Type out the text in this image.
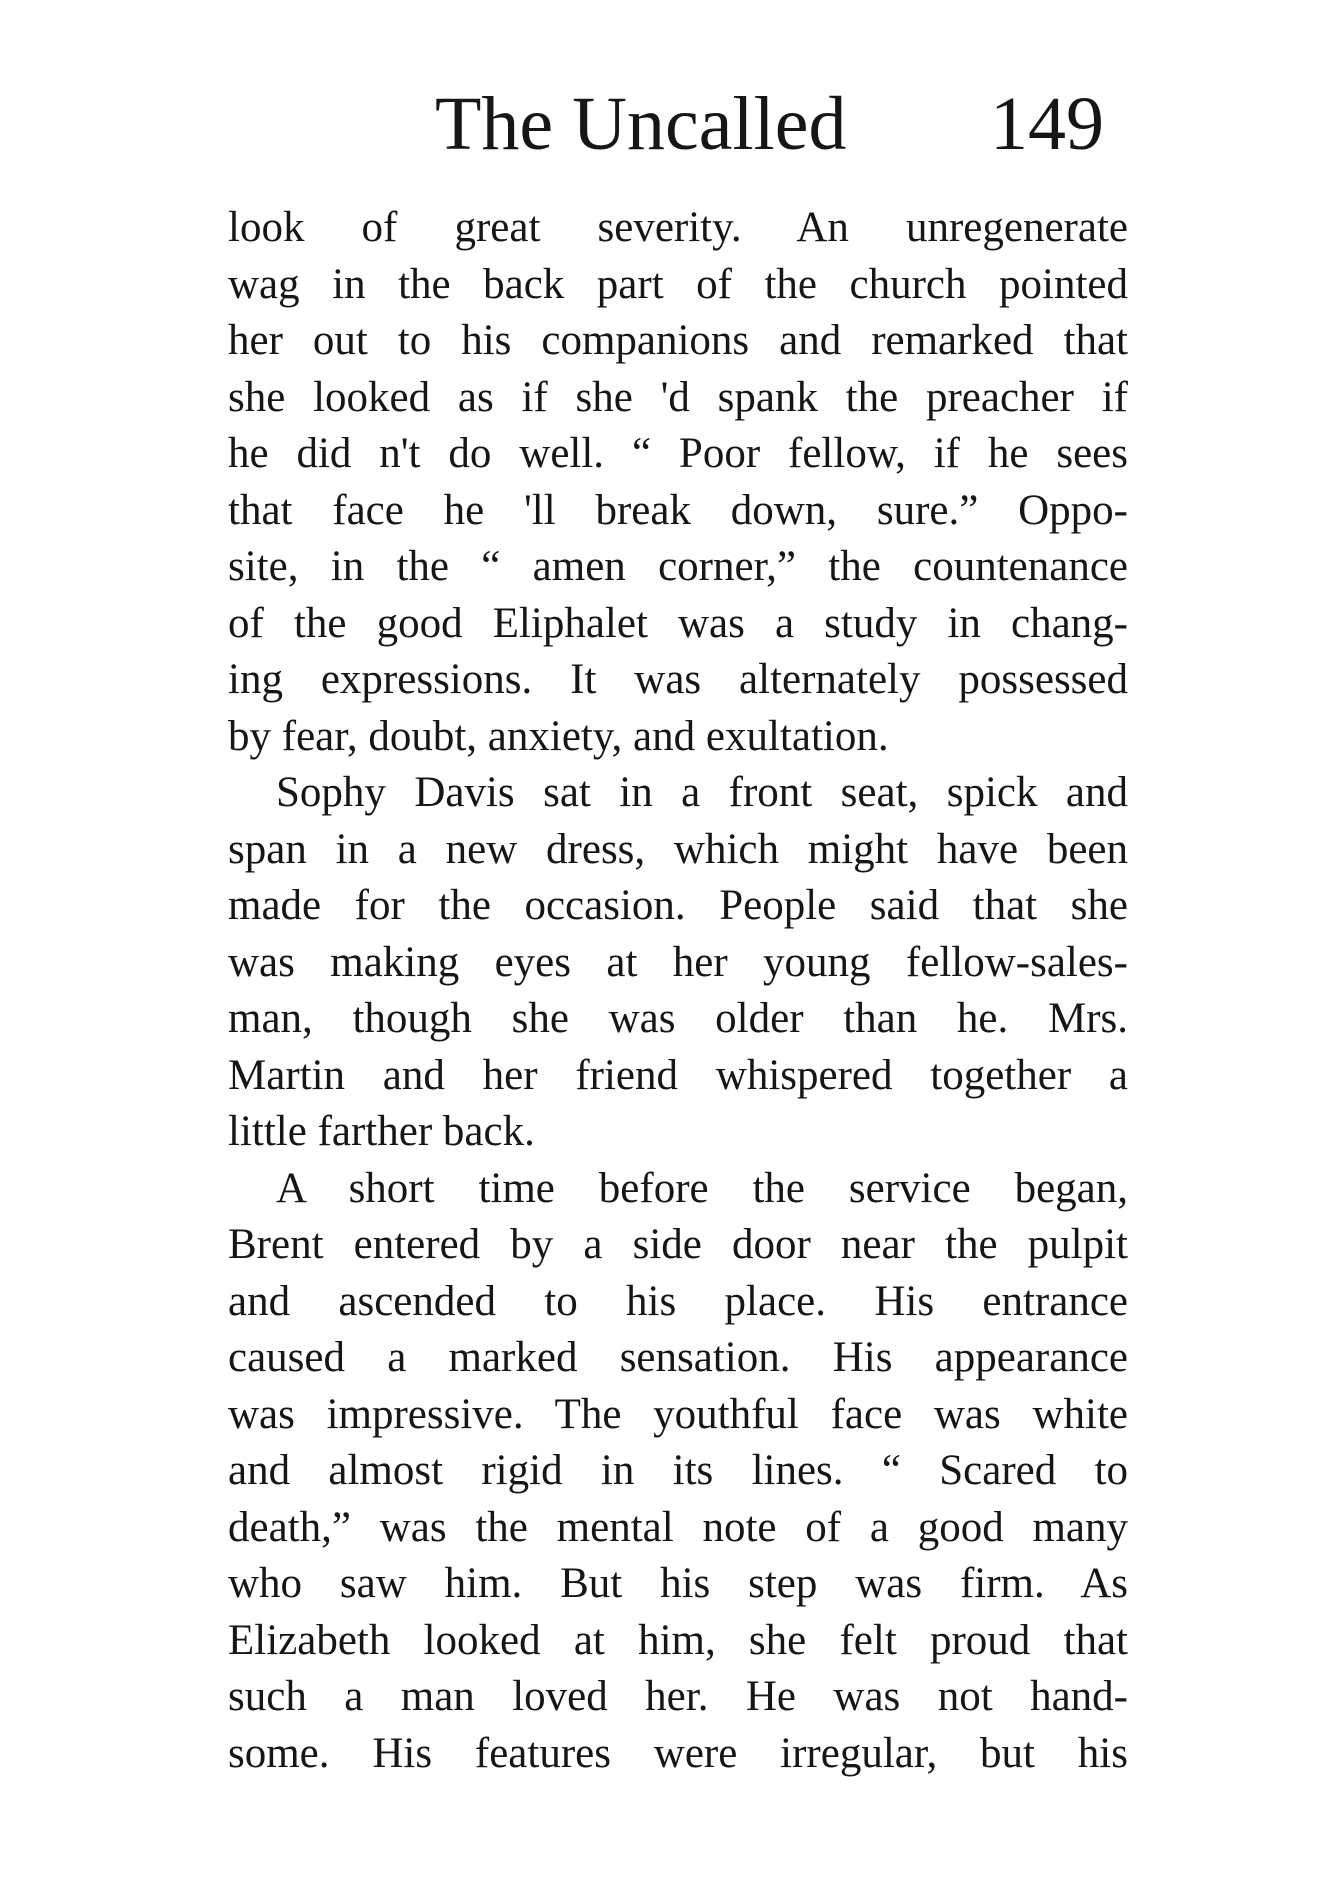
The Uncalled 149
look of great severity. An unregenerate
wag in the back part of the church pointed
her out to his companions and remarked that
she looked as if she 'd spank the preacher if
he did n't do well. “ Poor fellow, if he sees
that face he 'll break down, sure.” Oppo-
site, in the “ amen corner,” the countenance
of the good Eliphalet was a study in chang-
ing expressions. It was alternately possessed
by fear, doubt, anxiety, and exultation.
Sophy Davis sat in a front seat, spick and
span in a new dress, which might have been
made for the occasion. People said that she
was making eyes at her young fellow-sales-
man, though she was older than he. Mrs.
Martin and her friend whispered together a
little farther back.
A short time before the service began,
Brent entered by a side door near the pulpit
and ascended to his place. His entrance
caused a marked sensation. His appearance
was impressive. The youthful face was white
and almost rigid in its lines. “ Scared to
death,” was the mental note of a good many
who saw him. But his step was firm. As
Elizabeth looked at him, she felt proud that
such a man loved her. He was not hand-
some. His features were irregular, but his
